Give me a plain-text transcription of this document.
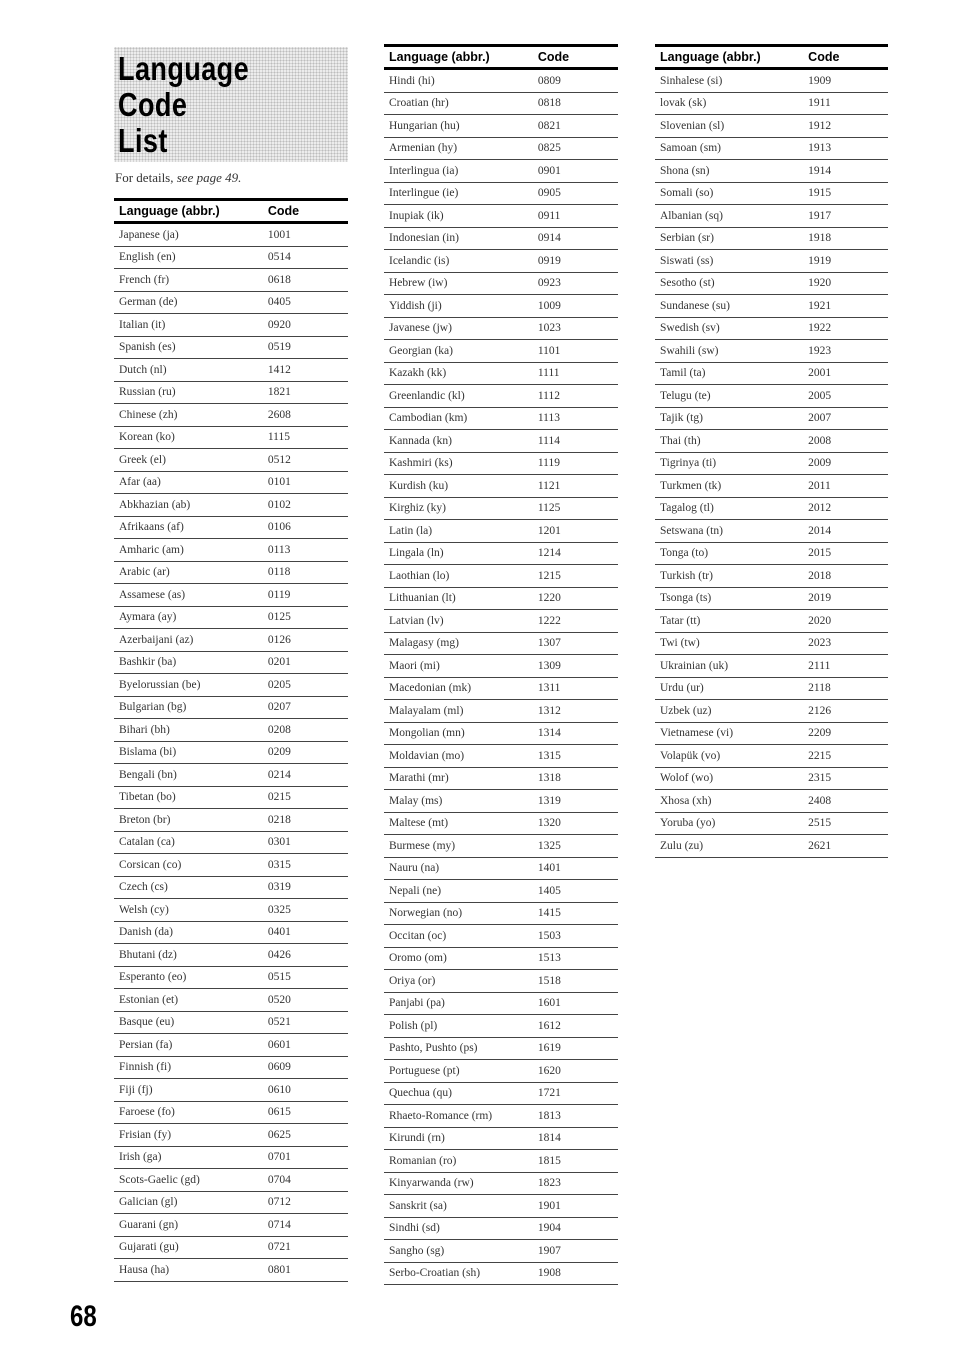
Language Code
List
For details, see page 49.
Language (abbr.)	Code
Japanese (ja)	1001
English (en)	0514
French (fr)	0618
German (de)	0405
Italian (it)	0920
Spanish (es)	0519
Dutch (nl)	1412
Russian (ru)	1821
Chinese (zh)	2608
Korean (ko)	1115
Greek (el)	0512
Afar (aa)	0101
Abkhazian (ab)	0102
Afrikaans (af)	0106
Amharic (am)	0113
Arabic (ar)	0118
Assamese (as)	0119
Aymara (ay)	0125
Azerbaijani (az)	0126
Bashkir (ba)	0201
Byelorussian (be)	0205
Bulgarian (bg)	0207
Bihari (bh)	0208
Bislama (bi)	0209
Bengali (bn)	0214
Tibetan (bo)	0215
Breton (br)	0218
Catalan (ca)	0301
Corsican (co)	0315
Czech (cs)	0319
Welsh (cy)	0325
Danish (da)	0401
Bhutani (dz)	0426
Esperanto (eo)	0515
Estonian (et)	0520
Basque (eu)	0521
Persian (fa)	0601
Finnish (fi)	0609
Fiji (fj)	0610
Faroese (fo)	0615
Frisian (fy)	0625
Irish (ga)	0701
Scots-Gaelic (gd)	0704
Galician (gl)	0712
Guarani (gn)	0714
Gujarati (gu)	0721
Hausa (ha)	0801
Language (abbr.)	Code
Hindi (hi)	0809
Croatian (hr)	0818
Hungarian (hu)	0821
Armenian (hy)	0825
Interlingua (ia)	0901
Interlingue (ie)	0905
Inupiak (ik)	0911
Indonesian (in)	0914
Icelandic (is)	0919
Hebrew (iw)	0923
Yiddish (ji)	1009
Javanese (jw)	1023
Georgian (ka)	1101
Kazakh (kk)	1111
Greenlandic (kl)	1112
Cambodian (km)	1113
Kannada (kn)	1114
Kashmiri (ks)	1119
Kurdish (ku)	1121
Kirghiz (ky)	1125
Latin (la)	1201
Lingala (ln)	1214
Laothian (lo)	1215
Lithuanian (lt)	1220
Latvian (lv)	1222
Malagasy (mg)	1307
Maori (mi)	1309
Macedonian (mk)	1311
Malayalam (ml)	1312
Mongolian (mn)	1314
Moldavian (mo)	1315
Marathi (mr)	1318
Malay (ms)	1319
Maltese (mt)	1320
Burmese (my)	1325
Nauru (na)	1401
Nepali (ne)	1405
Norwegian (no)	1415
Occitan (oc)	1503
Oromo (om)	1513
Oriya (or)	1518
Panjabi (pa)	1601
Polish (pl)	1612
Pashto, Pushto (ps)	1619
Portuguese (pt)	1620
Quechua (qu)	1721
Rhaeto-Romance (rm)	1813
Kirundi (rn)	1814
Romanian (ro)	1815
Kinyarwanda (rw)	1823
Sanskrit (sa)	1901
Sindhi (sd)	1904
Sangho (sg)	1907
Serbo-Croatian (sh)	1908
Language (abbr.)	Code
Sinhalese (si)	1909
lovak (sk)	1911
Slovenian (sl)	1912
Samoan (sm)	1913
Shona (sn)	1914
Somali (so)	1915
Albanian (sq)	1917
Serbian (sr)	1918
Siswati (ss)	1919
Sesotho (st)	1920
Sundanese (su)	1921
Swedish (sv)	1922
Swahili (sw)	1923
Tamil (ta)	2001
Telugu (te)	2005
Tajik (tg)	2007
Thai (th)	2008
Tigrinya (ti)	2009
Turkmen (tk)	2011
Tagalog (tl)	2012
Setswana (tn)	2014
Tonga (to)	2015
Turkish (tr)	2018
Tsonga (ts)	2019
Tatar (tt)	2020
Twi (tw)	2023
Ukrainian (uk)	2111
Urdu (ur)	2118
Uzbek (uz)	2126
Vietnamese (vi)	2209
Volapük (vo)	2215
Wolof (wo)	2315
Xhosa (xh)	2408
Yoruba (yo)	2515
Zulu (zu)	2621
68
